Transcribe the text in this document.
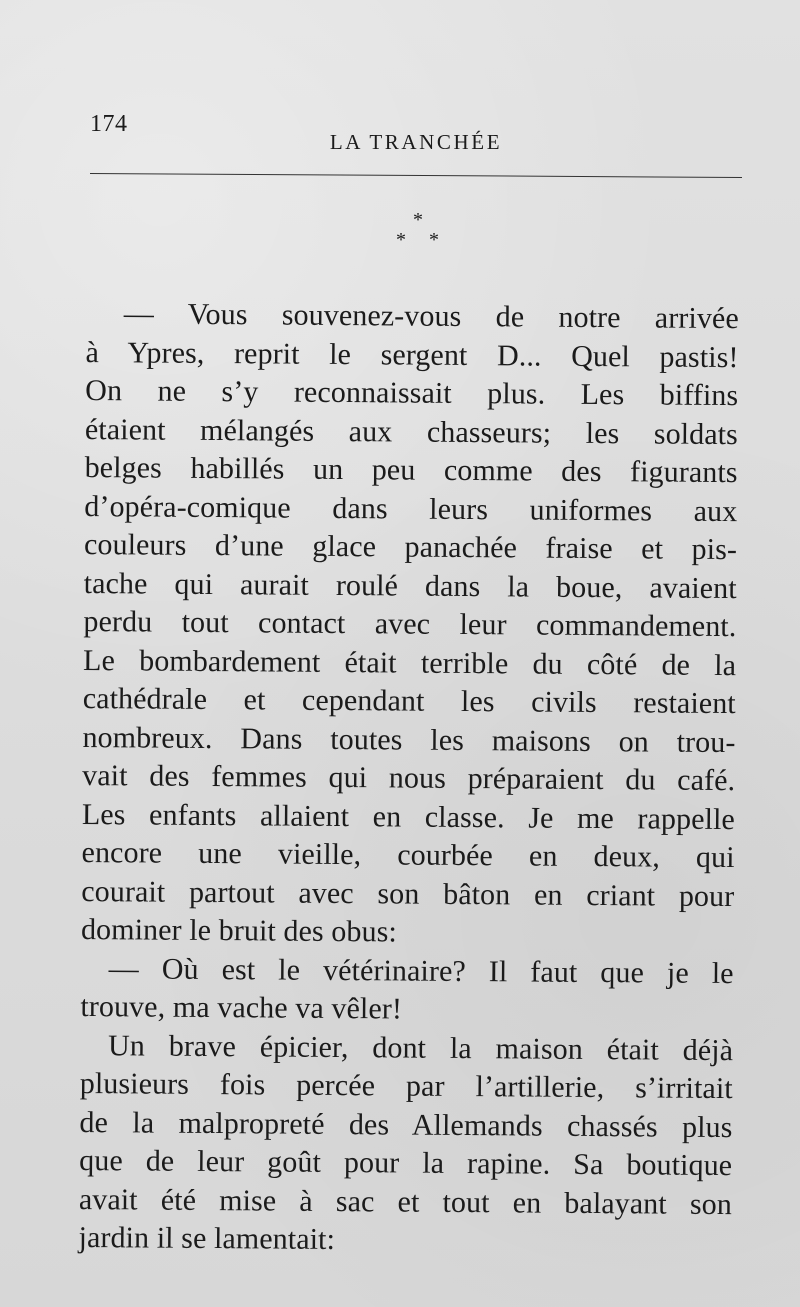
174
LA TRANCHÉE
*
* *
— Vous souvenez-vous de notre arrivée
à Ypres, reprit le sergent D... Quel pastis!
On ne s’y reconnaissait plus. Les biffins
étaient mélangés aux chasseurs; les soldats
belges habillés un peu comme des figurants
d’opéra-comique dans leurs uniformes aux
couleurs d’une glace panachée fraise et pis-
tache qui aurait roulé dans la boue, avaient
perdu tout contact avec leur commandement.
Le bombardement était terrible du côté de la
cathédrale et cependant les civils restaient
nombreux. Dans toutes les maisons on trou-
vait des femmes qui nous préparaient du café.
Les enfants allaient en classe. Je me rappelle
encore une vieille, courbée en deux, qui
courait partout avec son bâton en criant pour
dominer le bruit des obus:
— Où est le vétérinaire? Il faut que je le
trouve, ma vache va vêler!
Un brave épicier, dont la maison était déjà
plusieurs fois percée par l’artillerie, s’irritait
de la malpropreté des Allemands chassés plus
que de leur goût pour la rapine. Sa boutique
avait été mise à sac et tout en balayant son
jardin il se lamentait:
